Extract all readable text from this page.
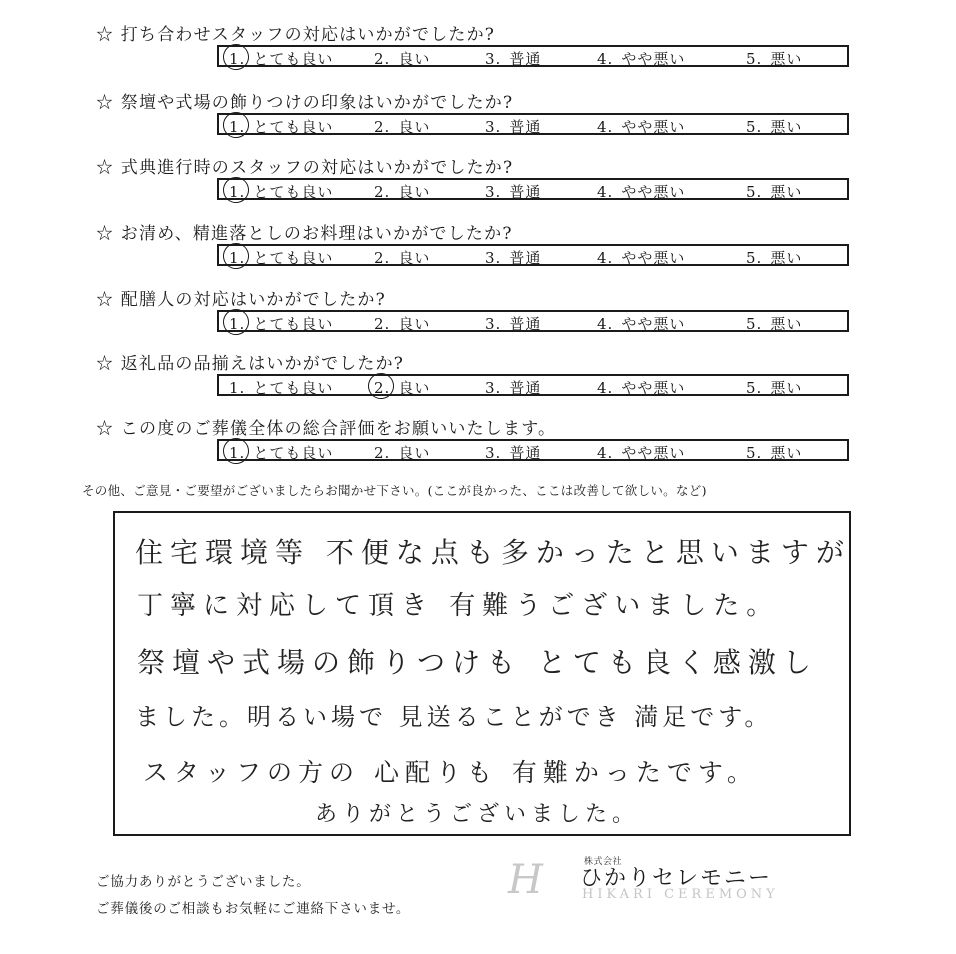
☆ 打ち合わせスタッフの対応はいかがでしたか?
1. とても良い	2. 良い	3. 普通	4. やや悪い	5. 悪い
☆ 祭壇や式場の飾りつけの印象はいかがでしたか?
1. とても良い	2. 良い	3. 普通	4. やや悪い	5. 悪い
☆ 式典進行時のスタッフの対応はいかがでしたか?
1. とても良い	2. 良い	3. 普通	4. やや悪い	5. 悪い
☆ お清め、精進落としのお料理はいかがでしたか?
1. とても良い	2. 良い	3. 普通	4. やや悪い	5. 悪い
☆ 配膳人の対応はいかがでしたか?
1. とても良い	2. 良い	3. 普通	4. やや悪い	5. 悪い
☆ 返礼品の品揃えはいかがでしたか?
1. とても良い	2. 良い	3. 普通	4. やや悪い	5. 悪い
☆ この度のご葬儀全体の総合評価をお願いいたします。
1. とても良い	2. 良い	3. 普通	4. やや悪い	5. 悪い
その他、ご意見・ご要望がございましたらお聞かせ下さい。(ここが良かった、ここは改善して欲しい。など)
住宅環境等 不便な点も多かったと思いますが
丁寧に対応して頂き 有難うございました。
祭壇や式場の飾りつけも とても良く感激し
ました。明るい場で 見送ることができ 満足です。
スタッフの方の 心配りも 有難かったです。
ありがとうございました。
ご協力ありがとうございました。
ご葬儀後のご相談もお気軽にご連絡下さいませ。
H	株式会社
ひかりセレモニー
HIKARI CEREMONY
